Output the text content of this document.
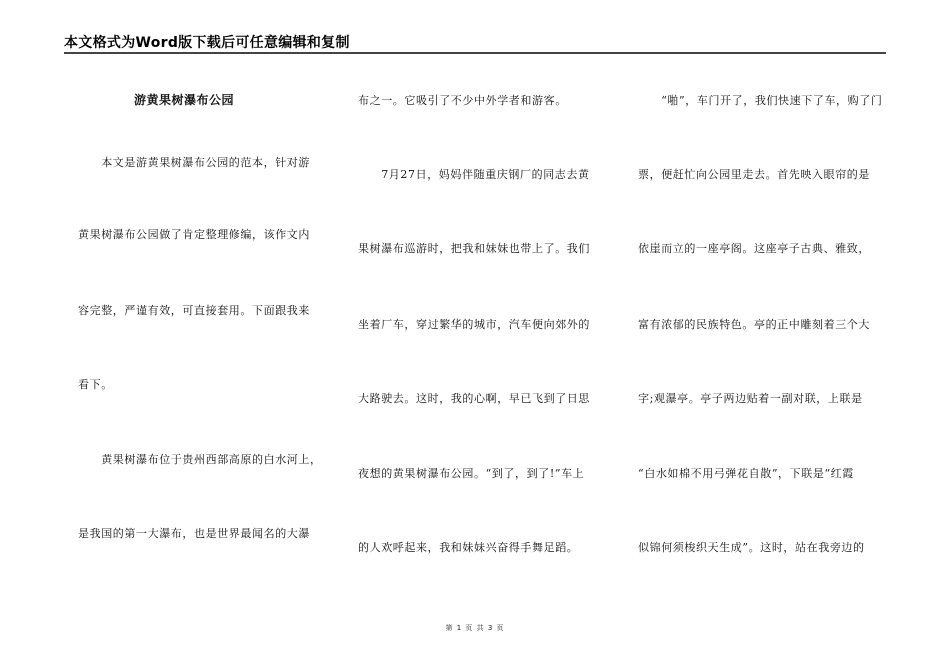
本文格式为Word版下载后可任意编辑和复制
游黄果树瀑布公园
　　本文是游黄果树瀑布公园的范本，针对游
黄果树瀑布公园做了肯定整理修编，该作文内
容完整，严谨有效，可直接套用。下面跟我来
看下。
　　黄果树瀑布位于贵州西部高原的白水河上，
是我国的第一大瀑布，也是世界最闻名的大瀑
布之一。它吸引了不少中外学者和游客。
　　7月27日，妈妈伴随重庆钢厂的同志去黄
果树瀑布巡游时，把我和妹妹也带上了。我们
坐着厂车，穿过繁华的城市，汽车便向郊外的
大路驶去。这时，我的心啊，早已飞到了日思
夜想的黄果树瀑布公园。“到了，到了!”车上
的人欢呼起来，我和妹妹兴奋得手舞足蹈。
　　“啪”，车门开了，我们快速下了车，购了门
票，便赶忙向公园里走去。首先映入眼帘的是
依崖而立的一座亭阁。这座亭子古典、雅致，
富有浓郁的民族特色。亭的正中雕刻着三个大
字;观瀑亭。亭子两边贴着一副对联，上联是
“白水如棉不用弓弹花自散”，下联是“红霞
似锦何须梭织天生成”。这时，站在我旁边的
第 1 页 共 3 页
